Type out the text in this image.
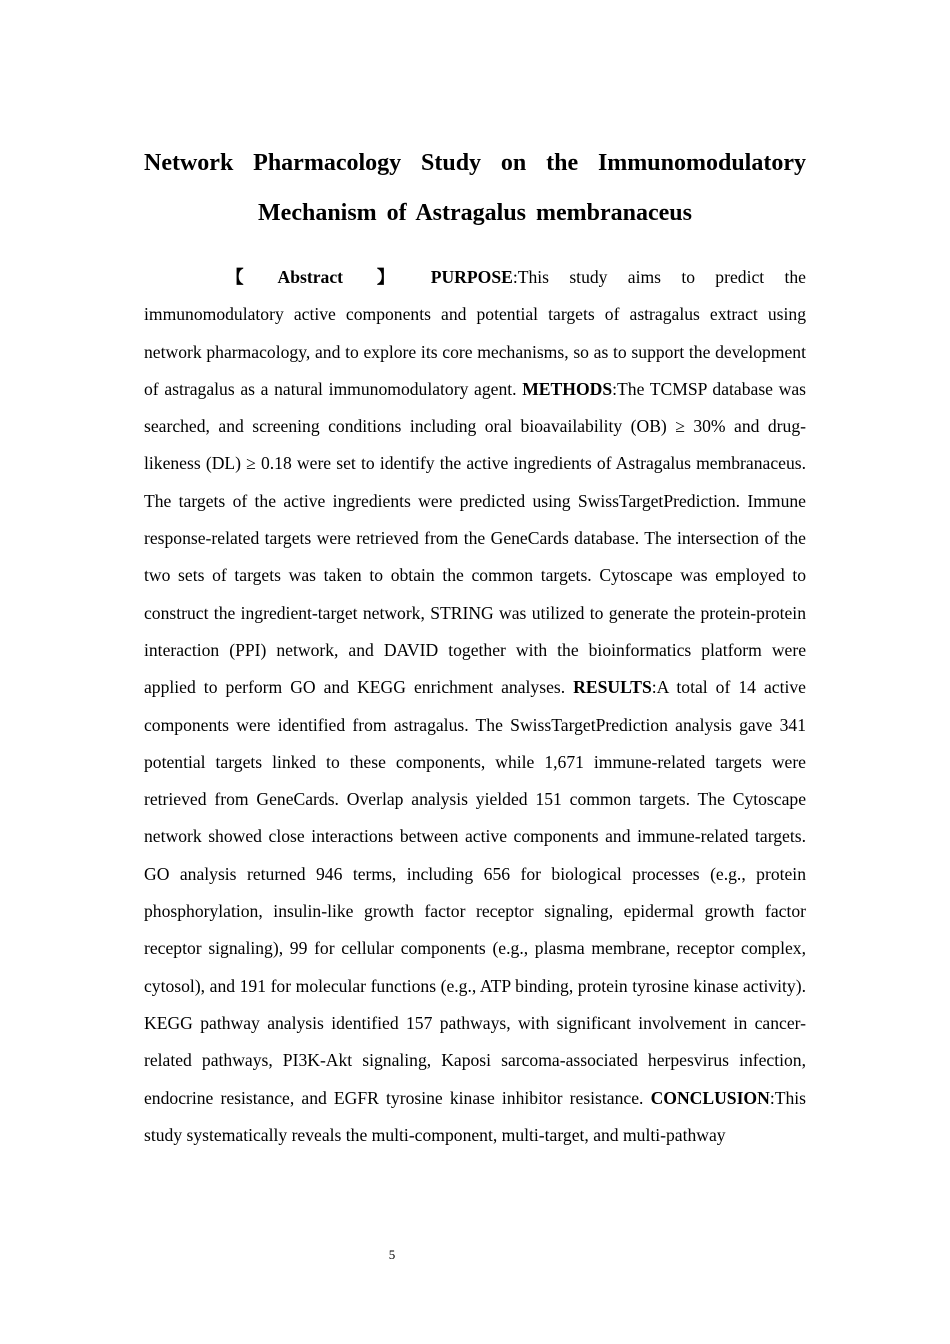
Network Pharmacology Study on the Immunomodulatory
Mechanism of Astragalus membranaceus

【 Abstract 】 PURPOSE:This study aims to predict the immunomodulatory active components and potential targets of astragalus extract using network pharmacology, and to explore its core mechanisms, so as to support the development of astragalus as a natural immunomodulatory agent. METHODS:The TCMSP database was searched, and screening conditions including oral bioavailability (OB) ≥ 30% and drug-likeness (DL) ≥ 0.18 were set to identify the active ingredients of Astragalus membranaceus. The targets of the active ingredients were predicted using SwissTargetPrediction. Immune response-related targets were retrieved from the GeneCards database. The intersection of the two sets of targets was taken to obtain the common targets. Cytoscape was employed to construct the ingredient-target network, STRING was utilized to generate the protein-protein interaction (PPI) network, and DAVID together with the bioinformatics platform were applied to perform GO and KEGG enrichment analyses. RESULTS:A total of 14 active components were identified from astragalus. The SwissTargetPrediction analysis gave 341 potential targets linked to these components, while 1,671 immune-related targets were retrieved from GeneCards. Overlap analysis yielded 151 common targets. The Cytoscape network showed close interactions between active components and immune-related targets. GO analysis returned 946 terms, including 656 for biological processes (e.g., protein phosphorylation, insulin-like growth factor receptor signaling, epidermal growth factor receptor signaling), 99 for cellular components (e.g., plasma membrane, receptor complex, cytosol), and 191 for molecular functions (e.g., ATP binding, protein tyrosine kinase activity). KEGG pathway analysis identified 157 pathways, with significant involvement in cancer-related pathways, PI3K-Akt signaling, Kaposi sarcoma-associated herpesvirus infection, endocrine resistance, and EGFR tyrosine kinase inhibitor resistance. CONCLUSION:This study systematically reveals the multi-component, multi-target, and multi-pathway

5
